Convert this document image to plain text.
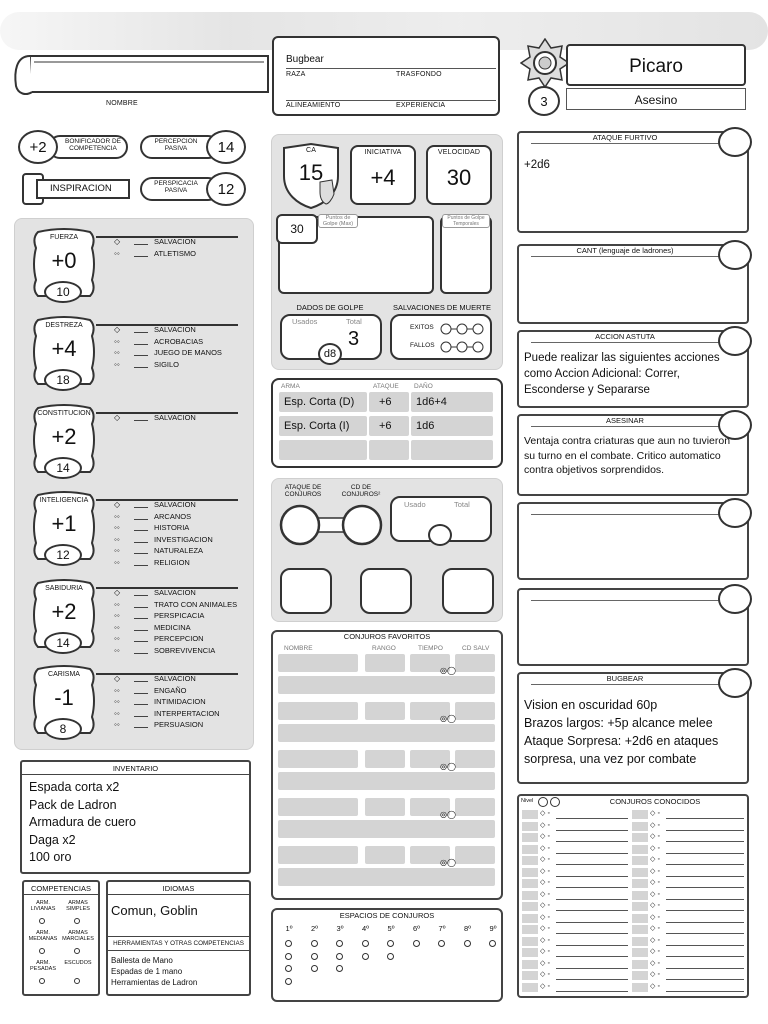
NOMBRE
Bugbear
RAZA	TRASFONDO
ALINEAMIENTO	EXPERIENCIA
Picaro
Asesino
3
+2	BONIFICADOR DE COMPETENCIA
PERCEPCION PASIVA	14
INSPIRACION	PERSPICACIA PASIVA	12
FUERZA
+0
10
◇	SALVACION
◦◦	ATLETISMO
DESTREZA
+4
18
◇	SALVACION
◦◦	ACROBACIAS
◦◦	JUEGO DE MANOS
◦◦	SIGILO
CONSTITUCION
+2
14
◇	SALVACION
INTELIGENCIA
+1
12
◇	SALVACION
◦◦	ARCANOS
◦◦	HISTORIA
◦◦	INVESTIGACION
◦◦	NATURALEZA
◦◦	RELIGION
SABIDURIA
+2
14
◇	SALVACION
◦◦	TRATO CON ANIMALES
◦◦	PERSPICACIA
◦◦	MEDICINA
◦◦	PERCEPCION
◦◦	SOBREVIVENCIA
CARISMA
-1
8
◇	SALVACION
◦◦	ENGAÑO
◦◦	INTIMIDACION
◦◦	INTERPERTACION
◦◦	PERSUASION
CA
15
INICIATIVA
+4
VELOCIDAD
30
30
Puntos de Golpe (Max)
Puntos de Golpe Temporales
DADOS DE GOLPE	SALVACIONES DE MUERTE
Usados	Total
3
d8
EXITOS
FALLOS
ARMA	ATAQUE DAÑO
Esp. Corta (D)	+6	1d6+4
Esp. Corta (I)	+6	1d6
ATAQUE DE CONJUROS
CD DE CONJUROS²
Usado	Total
CONJUROS FAVORITOS
NOMBRE	RANGO	TIEMPO	CD SALV
◎◯
◎◯
◎◯
◎◯
◎◯
ESPACIOS DE CONJUROS
1º	2º	3º	4º	5º	6º	7º	8º	9º
INVENTARIO
Espada corta x2
Pack de Ladron
Armadura de cuero
Daga x2
100 oro
COMPETENCIAS
ARM. LIVIANAS
ARMAS SIMPLES
ARM. MEDIANAS
ARMAS MARCIALES
ARM. PESADAS
ESCUDOS
IDIOMAS
Comun, Goblin
HERRAMIENTAS Y OTRAS COMPETENCIAS
Ballesta de Mano
Espadas de 1 mano
Herramientas de Ladron
ATAQUE FURTIVO
+2d6
CANT (lenguaje de ladrones)
ACCION ASTUTA
Puede realizar las siguientes acciones como Accion Adicional: Correr, Esconderse y Separarse
ASESINAR
Ventaja contra criaturas que aun no tuvieron su turno en el combate. Critico automatico contra objetivos sorprendidos.
BUGBEAR
Vision en oscuridad 60p
Brazos largos: +5p alcance melee
Ataque Sorpresa: +2d6 en ataques sorpresa, una vez por combate
Nivel
	CONJUROS CONOCIDOS
◇ ◦	◇ ◦
◇ ◦	◇ ◦
◇ ◦	◇ ◦
◇ ◦	◇ ◦
◇ ◦	◇ ◦
◇ ◦	◇ ◦
◇ ◦	◇ ◦
◇ ◦	◇ ◦
◇ ◦	◇ ◦
◇ ◦	◇ ◦
◇ ◦	◇ ◦
◇ ◦	◇ ◦
◇ ◦	◇ ◦
◇ ◦	◇ ◦
◇ ◦	◇ ◦
◇ ◦	◇ ◦
